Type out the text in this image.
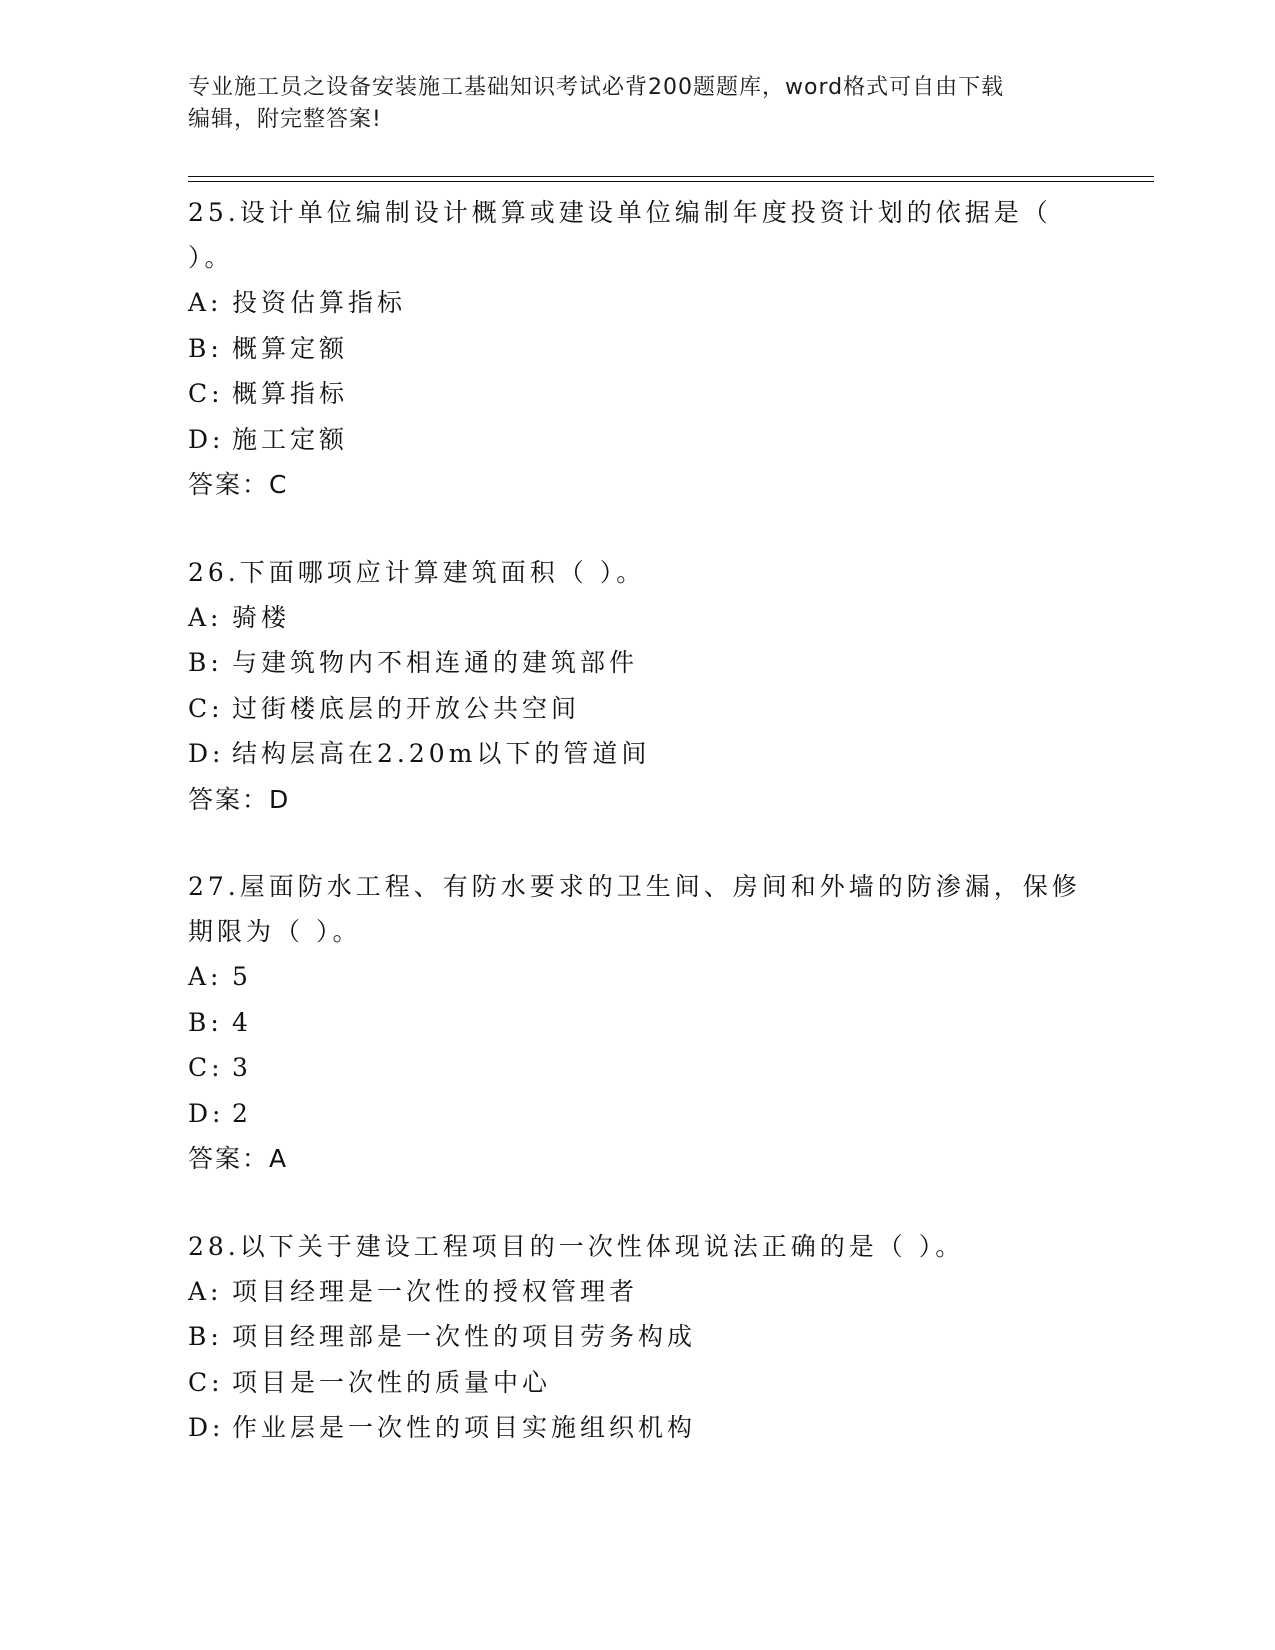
专业施工员之设备安装施工基础知识考试必背200题题库，word格式可自由下载
编辑，附完整答案!

25.设计单位编制设计概算或建设单位编制年度投资计划的依据是（ ）。

A: 投资估算指标
B: 概算定额
C: 概算指标
D: 施工定额

答案：C

26.下面哪项应计算建筑面积（ ）。

A: 骑楼
B: 与建筑物内不相连通的建筑部件
C: 过街楼底层的开放公共空间
D: 结构层高在2.20m以下的管道间

答案：D

27.屋面防水工程、有防水要求的卫生间、房间和外墙的防渗漏，保修期限为（ ）。

A: 5
B: 4
C: 3
D: 2

答案：A

28.以下关于建设工程项目的一次性体现说法正确的是（ ）。

A: 项目经理是一次性的授权管理者
B: 项目经理部是一次性的项目劳务构成
C: 项目是一次性的质量中心
D: 作业层是一次性的项目实施组织机构
